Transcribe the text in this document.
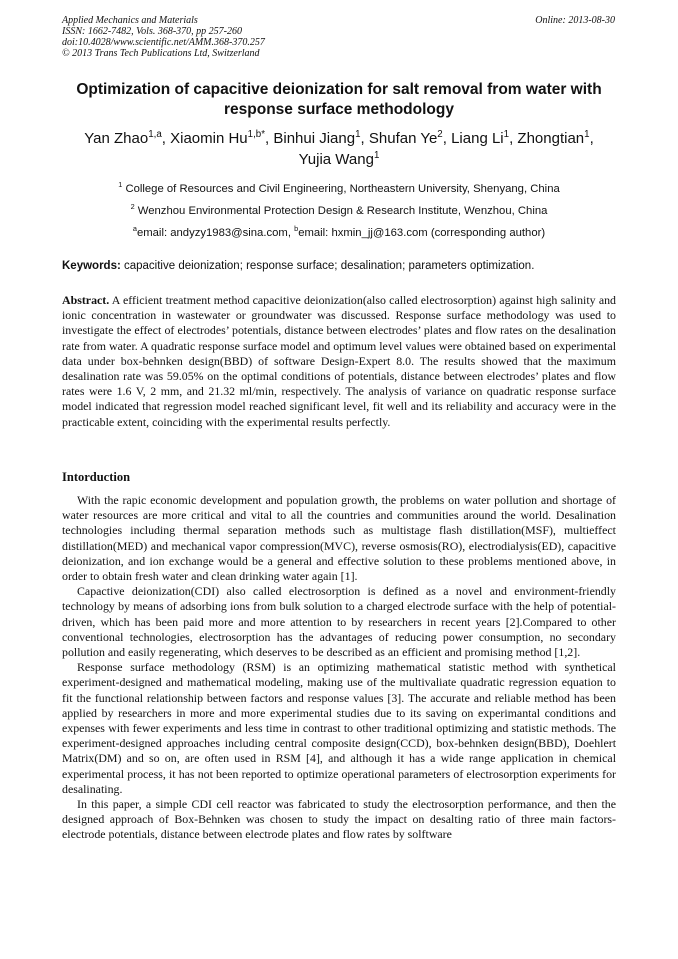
Applied Mechanics and Materials
ISSN: 1662-7482, Vols. 368-370, pp 257-260
doi:10.4028/www.scientific.net/AMM.368-370.257
© 2013 Trans Tech Publications Ltd, Switzerland
Online: 2013-08-30
Optimization of capacitive deionization for salt removal from water with
response surface methodology
Yan Zhao$^{1,a}$, Xiaomin $Hu^{1,b*}$, Binhui Jiang$^1$, Shufan Ye$^2$, Liang Li$^1$, Zhongtian$^1$,
Yujia Wang$^1$
$^1$ College of Resources and Civil Engineering, Northeastern University, Shenyang, China
$^2$ Wenzhou Environmental Protection Design & Research Institute, Wenzhou, China
$^a$email: andyzy1983@sina.com, $^b$email: hxmin_jj@163.com (corresponding author)
Keywords: capacitive deionization; response surface; desalination; parameters optimization.
Abstract. A efficient treatment method capacitive deionization(also called electrosorption) against high salinity and ionic concentration in wastewater or groundwater was discussed. Response surface methodology was used to investigate the effect of electrodes’ potentials, distance between electrodes’ plates and flow rates on the desalination rate from water. A quadratic response surface model and optimum level values were obtained based on experimental data under box-behnken design(BBD) of software Design-Expert 8.0. The results showed that the maximum desalination rate was 59.05% on the optimal conditions of potentials, distance between electrodes’ plates and flow rates were 1.6 V, 2 mm, and 21.32 ml/min, respectively. The analysis of variance on quadratic response surface model indicated that regression model reached significant level, fit well and its reliability and accuracy were in the practicable extent, coinciding with the experimental results perfectly.
Intorduction

With the rapic economic development and population growth, the problems on water pollution and shortage of water resources are more critical and vital to all the countries and communities around the world. Desalination technologies including thermal separation methods such as multistage flash distillation(MSF), multieffect distillation(MED) and mechanical vapor compression(MVC), reverse osmosis(RO), electrodialysis(ED), capacitive deionization, and ion exchange would be a general and effective solution to these problems mentioned above, in order to obtain fresh water and clean drinking water again [1].

Capactive deionization(CDI) also called electrosorption is defined as a novel and environment-friendly technology by means of adsorbing ions from bulk solution to a charged electrode surface with the help of potential-driven, which has been paid more and more attention to by researchers in recent years [2].Compared to other conventional technologies, electrosorption has the advantages of reducing power consumption, no secondary pollution and easily regenerating, which deserves to be described as an efficient and promising method [1,2].

Response surface methodology (RSM) is an optimizing mathematical statistic method with synthetical experiment-designed and mathematical modeling, making use of the multivaliate quadratic regression equation to fit the functional relationship between factors and response values [3]. The accurate and reliable method has been applied by researchers in more and more experimental studies due to its saving on experimantal conditions and expenses with fewer experiments and less time in contrast to other traditional optimizing and statistic methods. The experiment-designed approaches including central composite design(CCD), box-behnken design(BBD), Doehlert Matrix(DM) and so on, are often used in RSM [4], and although it has a wide range application in chemical experimental process, it has not been reported to optimize operational parameters of electrosorption experiments for desalinating.

In this paper, a simple CDI cell reactor was fabricated to study the electrosorption performance, and then the designed approach of Box-Behnken was chosen to study the impact on desalting ratio of three main factors-electrode potentials, distance between electrode plates and flow rates by solftware
